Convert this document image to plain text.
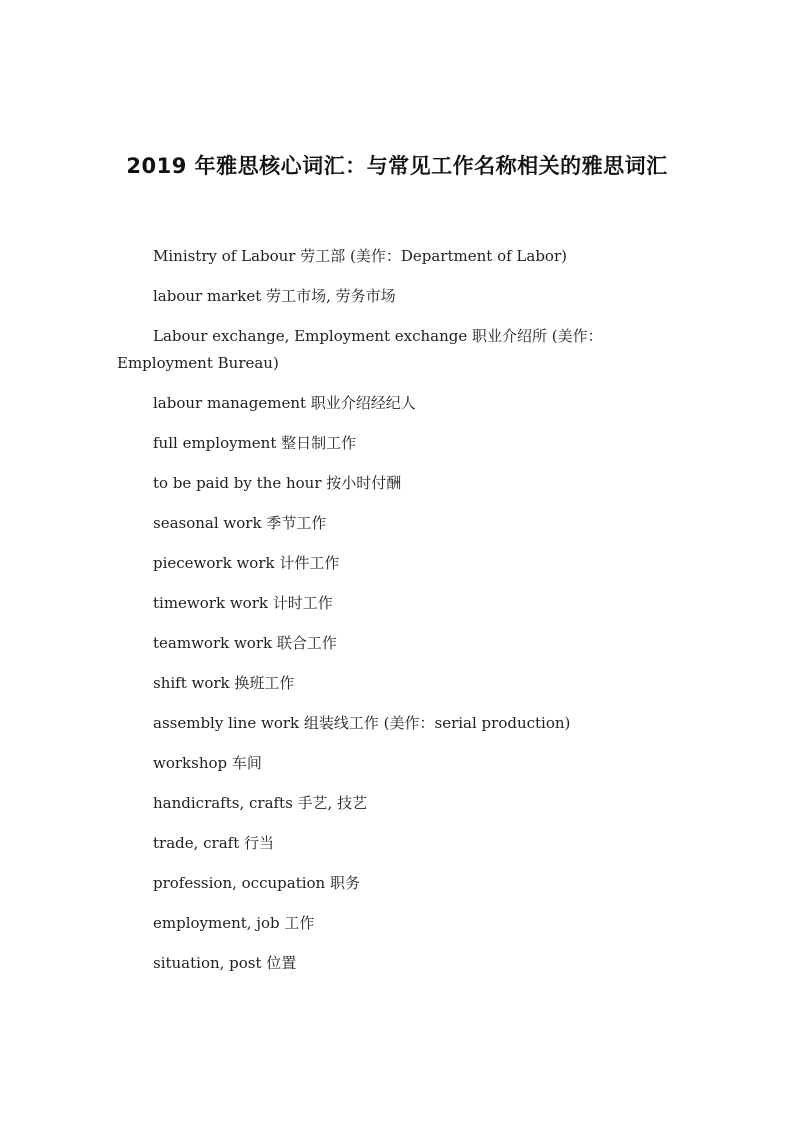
2019 年雅思核心词汇：与常见工作名称相关的雅思词汇

Ministry of Labour 劳工部 (美作：Department of Labor)

labour market 劳工市场, 劳务市场

Labour exchange, Employment exchange 职业介绍所 (美作：Employment Bureau)

labour management 职业介绍经纪人

full employment 整日制工作

to be paid by the hour 按小时付酬

seasonal work 季节工作

piecework work 计件工作

timework work 计时工作

teamwork work 联合工作

shift work 换班工作

assembly line work 组装线工作 (美作：serial production)

workshop 车间

handicrafts, crafts 手艺, 技艺

trade, craft 行当

profession, occupation 职务

employment, job 工作

situation, post 位置
